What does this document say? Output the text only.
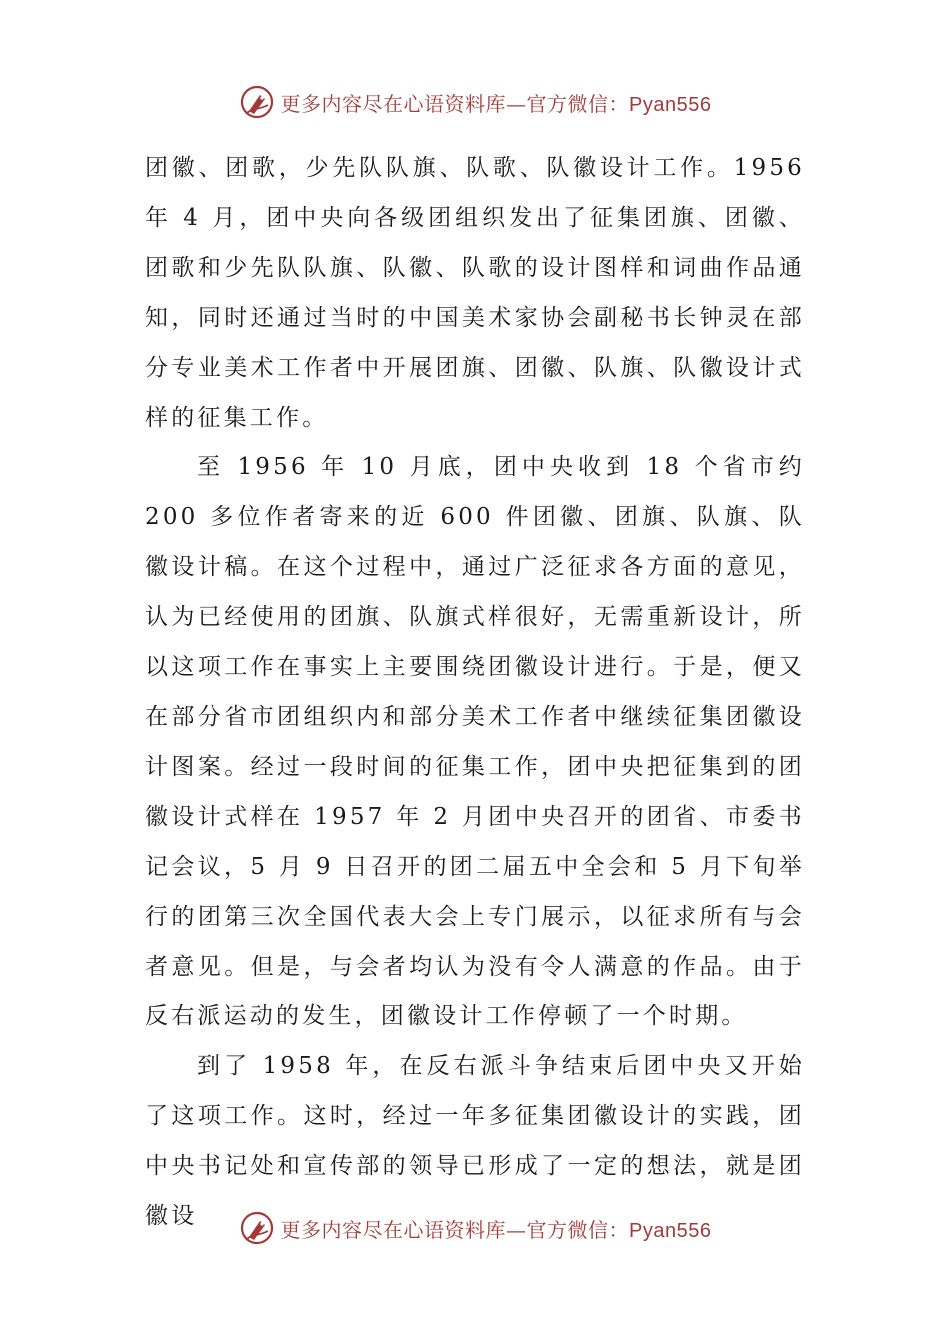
更多内容尽在心语资料库—官方微信：Pyan556

团徽、团歌，少先队队旗、队歌、队徽设计工作。1956 年 4 月，团中央向各级团组织发出了征集团旗、团徽、团歌和少先队队旗、队徽、队歌的设计图样和词曲作品通知，同时还通过当时的中国美术家协会副秘书长钟灵在部分专业美术工作者中开展团旗、团徽、队旗、队徽设计式样的征集工作。

至 1956 年 10 月底，团中央收到 18 个省市约 200 多位作者寄来的近 600 件团徽、团旗、队旗、队徽设计稿。在这个过程中，通过广泛征求各方面的意见，认为已经使用的团旗、队旗式样很好，无需重新设计，所以这项工作在事实上主要围绕团徽设计进行。于是，便又在部分省市团组织内和部分美术工作者中继续征集团徽设计图案。经过一段时间的征集工作，团中央把征集到的团徽设计式样在 1957 年 2 月团中央召开的团省、市委书记会议，5 月 9 日召开的团二届五中全会和 5 月下旬举行的团第三次全国代表大会上专门展示，以征求所有与会者意见。但是，与会者均认为没有令人满意的作品。由于反右派运动的发生，团徽设计工作停顿了一个时期。

到了 1958 年，在反右派斗争结束后团中央又开始了这项工作。这时，经过一年多征集团徽设计的实践，团中央书记处和宣传部的领导已形成了一定的想法，就是团徽设

更多内容尽在心语资料库—官方微信：Pyan556
